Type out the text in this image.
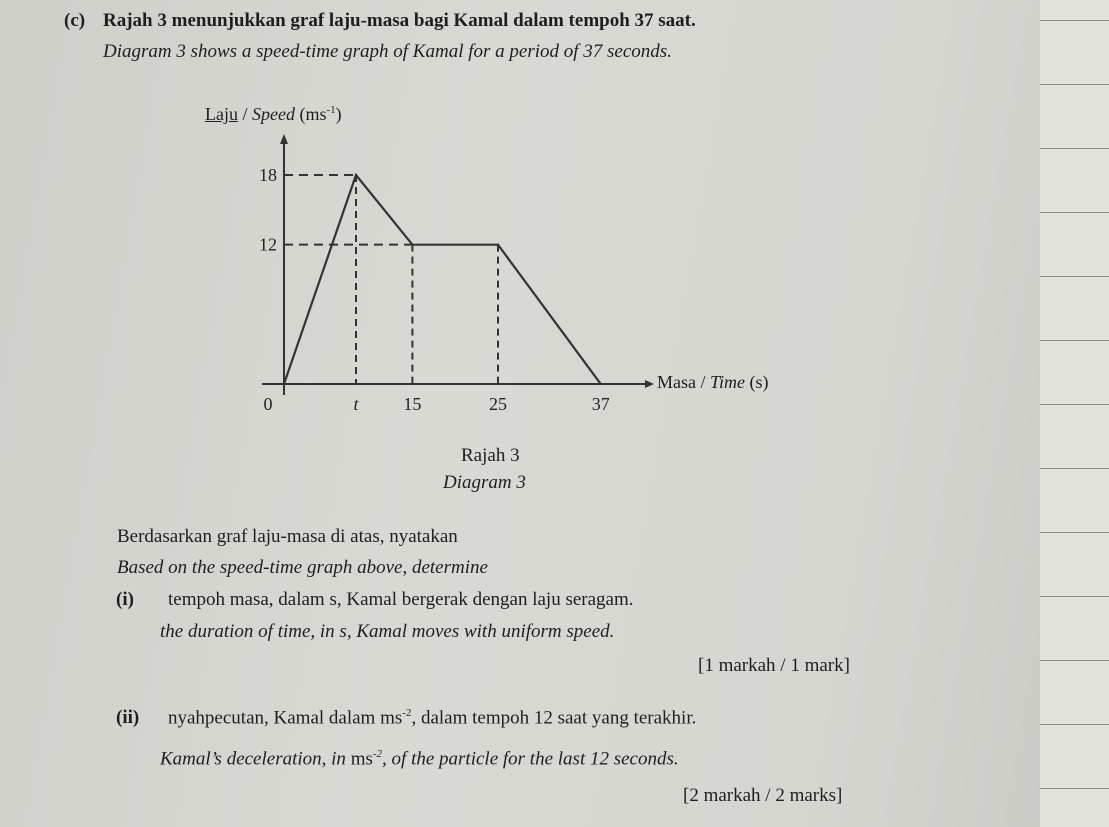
(c) Rajah 3 menunjukkan graf laju-masa bagi Kamal dalam tempoh 37 saat.
Diagram 3 shows a speed-time graph of Kamal for a period of 37 seconds.
Laju / Speed $(ms^{-1})$
0	t 15	25	37
18
12
Masa / Time (s)
Rajah 3
Diagram 3
Berdasarkan graf laju-masa di atas, nyatakan
Based on the speed-time graph above, determine
(i) tempoh masa, dalam s, Kamal bergerak dengan laju seragam.
the duration of time, in s, Kamal moves with uniform speed.
[1 markah / 1 mark]
(ii) nyahpecutan, Kamal dalam $ms^{-2}$, dalam tempoh 12 saat yang terakhir.
Kamal’s deceleration, in $ms^{-2}$, of the particle for the last 12 seconds.
[2 markah / 2 marks]
